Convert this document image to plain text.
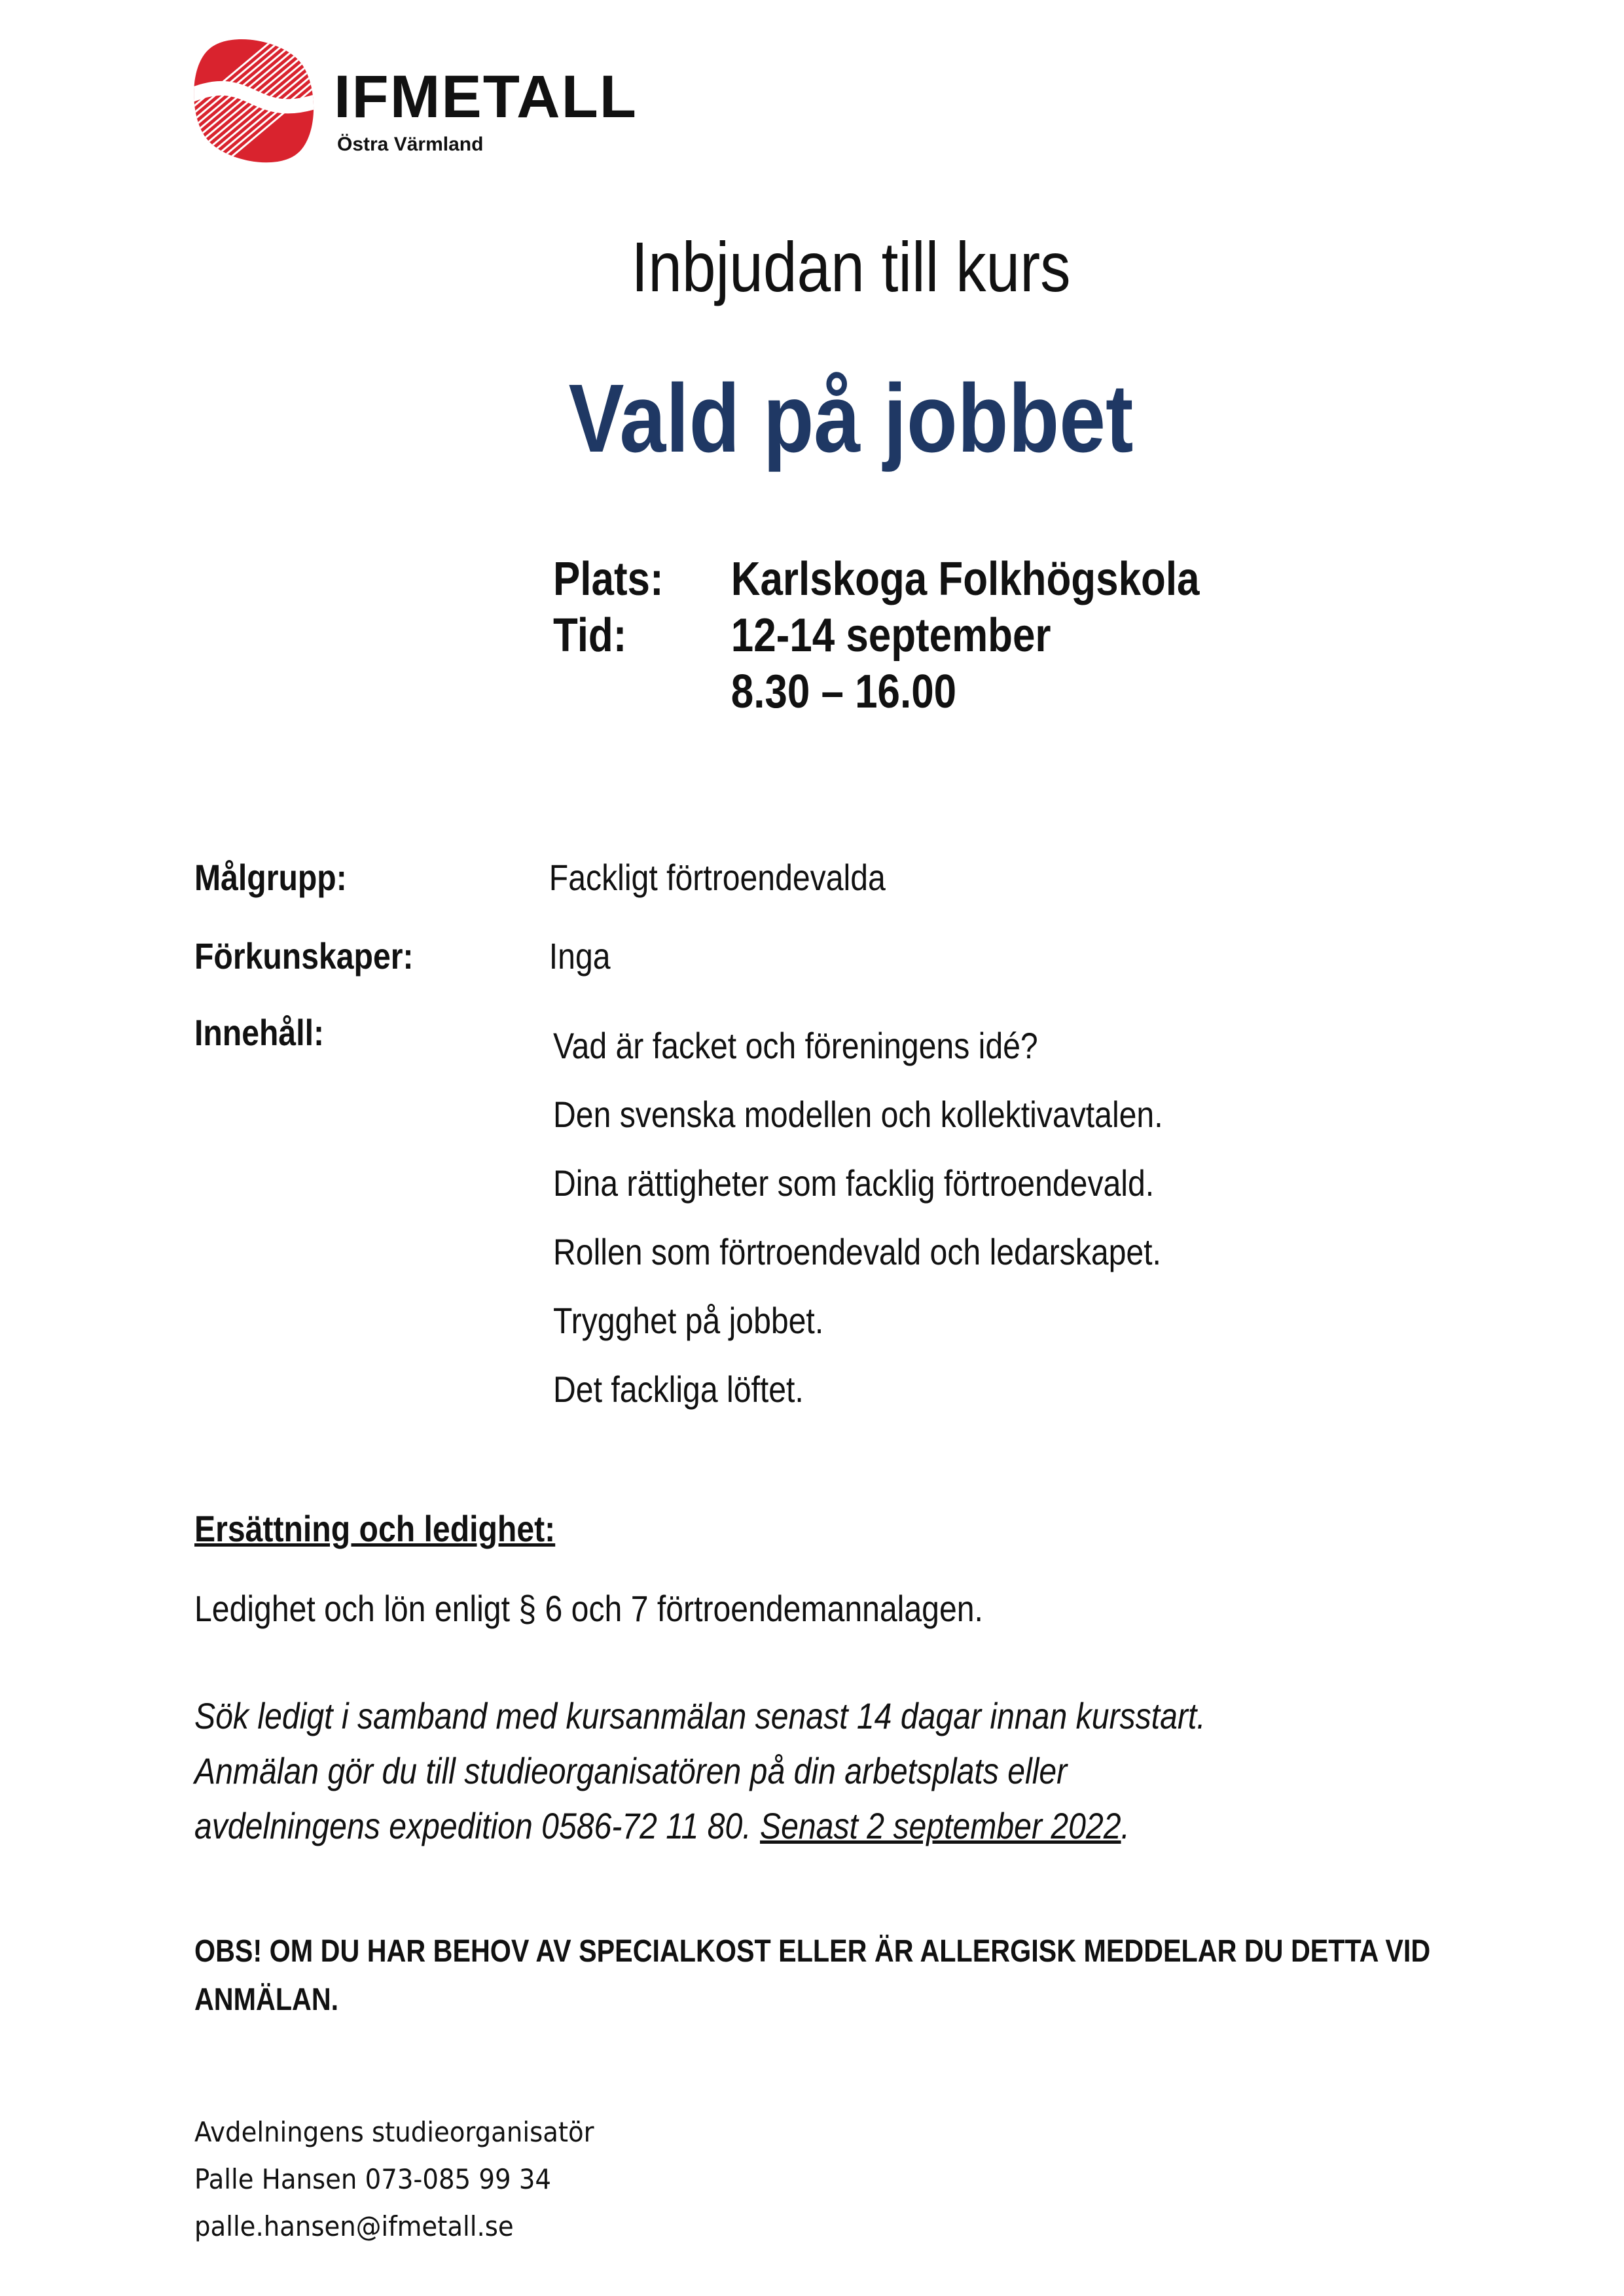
IFMETALL
Östra Värmland
Inbjudan till kurs
Vald på jobbet
Plats: Karlskoga Folkhögskola
Tid: 12-14 september
8.30 – 16.00
Målgrupp:	Fackligt förtroendevalda
Förkunskaper:	Inga
Innehåll:	Vad är facket och föreningens idé?
Den svenska modellen och kollektivavtalen.
Dina rättigheter som facklig förtroendevald.
Rollen som förtroendevald och ledarskapet.
Trygghet på jobbet.
Det fackliga löftet.
Ersättning och ledighet:
Ledighet och lön enligt § 6 och 7 förtroendemannalagen.
Sök ledigt i samband med kursanmälan senast 14 dagar innan kursstart.
Anmälan gör du till studieorganisatören på din arbetsplats eller
avdelningens expedition 0586-72 11 80. Senast 2 september 2022.
OBS! OM DU HAR BEHOV AV SPECIALKOST ELLER ÄR ALLERGISK MEDDELAR DU DETTA VID ANMÄLAN.
Avdelningens studieorganisatör
Palle Hansen 073-085 99 34
palle.hansen@ifmetall.se
